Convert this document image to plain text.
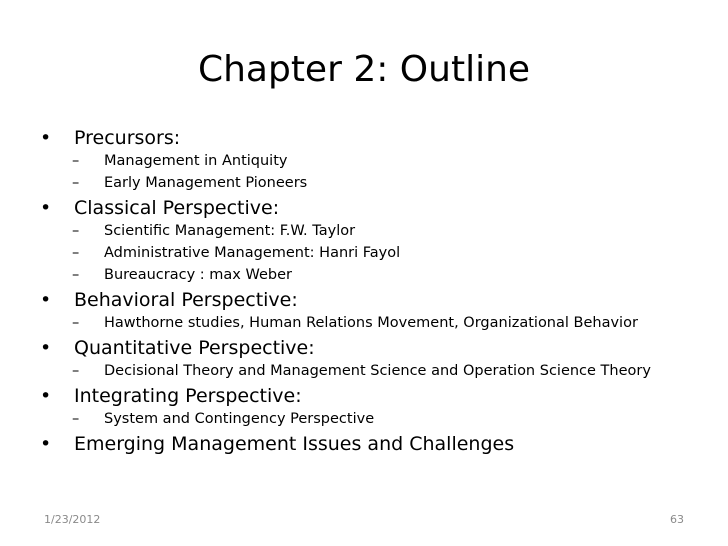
Chapter 2: Outline
•	Precursors:
–	Management in Antiquity
–	Early Management Pioneers
•	Classical Perspective:
–	Scientific Management: F.W. Taylor
–	Administrative Management: Hanri Fayol
–	Bureaucracy : max Weber
•	Behavioral Perspective:
–	Hawthorne studies, Human Relations Movement, Organizational Behavior
•	Quantitative Perspective:
–	Decisional Theory and Management Science and Operation Science Theory
•	Integrating Perspective:
–	System and Contingency Perspective
•	Emerging Management Issues and Challenges
1/23/2012	63
